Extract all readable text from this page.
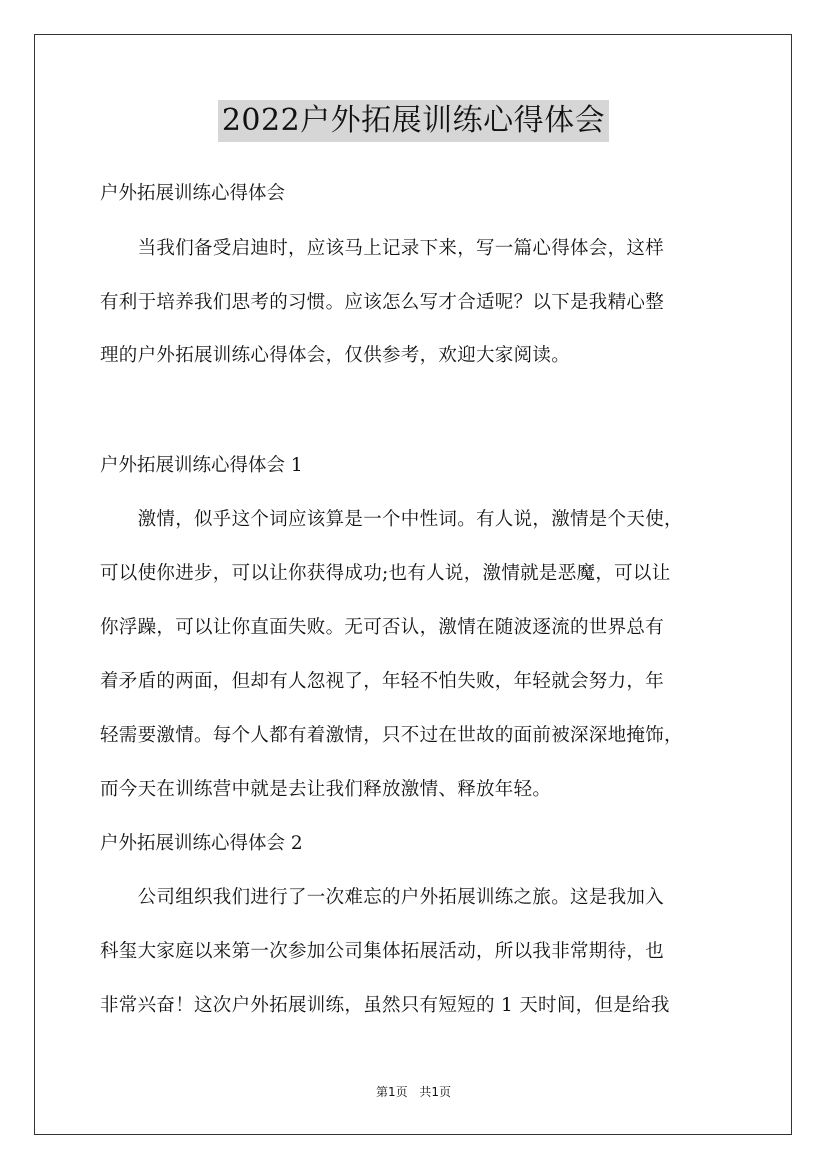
2022户外拓展训练心得体会
户外拓展训练心得体会
　　当我们备受启迪时，应该马上记录下来，写一篇心得体会，这样
有利于培养我们思考的习惯。应该怎么写才合适呢？以下是我精心整
理的户外拓展训练心得体会，仅供参考，欢迎大家阅读。
户外拓展训练心得体会 1
　　激情，似乎这个词应该算是一个中性词。有人说，激情是个天使，
可以使你进步，可以让你获得成功;也有人说，激情就是恶魔，可以让
你浮躁，可以让你直面失败。无可否认，激情在随波逐流的世界总有
着矛盾的两面，但却有人忽视了，年轻不怕失败，年轻就会努力，年
轻需要激情。每个人都有着激情，只不过在世故的面前被深深地掩饰，
而今天在训练营中就是去让我们释放激情、释放年轻。
户外拓展训练心得体会 2
　　公司组织我们进行了一次难忘的户外拓展训练之旅。这是我加入
科玺大家庭以来第一次参加公司集体拓展活动，所以我非常期待，也
非常兴奋！这次户外拓展训练，虽然只有短短的 1 天时间，但是给我
第1页 共1页
